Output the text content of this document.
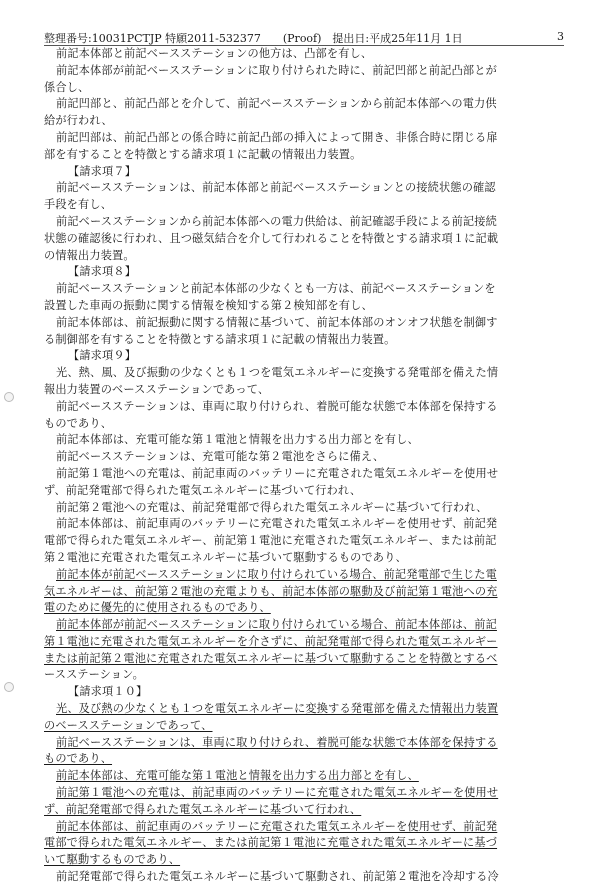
整理番号:10031PCTJP 特願2011-532377　　(Proof)　提出日:平成25年11月 1日	3
前記本体部と前記ベースステーションの他方は、凸部を有し、
前記本体部が前記ベースステーションに取り付けられた時に、前記凹部と前記凸部とが
係合し、
前記凹部と、前記凸部とを介して、前記ベースステーションから前記本体部への電力供
給が行われ、
前記凹部は、前記凸部との係合時に前記凸部の挿入によって開き、非係合時に閉じる扉
部を有することを特徴とする請求項１に記載の情報出力装置。
【請求項７】
前記ベースステーションは、前記本体部と前記ベースステーションとの接続状態の確認
手段を有し、
前記ベースステーションから前記本体部への電力供給は、前記確認手段による前記接続
状態の確認後に行われ、且つ磁気結合を介して行われることを特徴とする請求項１に記載
の情報出力装置。
【請求項８】
前記ベースステーションと前記本体部の少なくとも一方は、前記ベースステーションを
設置した車両の振動に関する情報を検知する第２検知部を有し、
前記本体部は、前記振動に関する情報に基づいて、前記本体部のオンオフ状態を制御す
る制御部を有することを特徴とする請求項１に記載の情報出力装置。
【請求項９】
光、熱、風、及び振動の少なくとも１つを電気エネルギーに変換する発電部を備えた情
報出力装置のベースステーションであって、
前記ベースステーションは、車両に取り付けられ、着脱可能な状態で本体部を保持する
ものであり、
前記本体部は、充電可能な第１電池と情報を出力する出力部とを有し、
前記ベースステーションは、充電可能な第２電池をさらに備え、
前記第１電池への充電は、前記車両のバッテリーに充電された電気エネルギーを使用せ
ず、前記発電部で得られた電気エネルギーに基づいて行われ、
前記第２電池への充電は、前記発電部で得られた電気エネルギーに基づいて行われ、
前記本体部は、前記車両のバッテリーに充電された電気エネルギーを使用せず、前記発
電部で得られた電気エネルギー、前記第１電池に充電された電気エネルギー、または前記
第２電池に充電された電気エネルギーに基づいて駆動するものであり、
前記本体が前記ベースステーションに取り付けられている場合、前記発電部で生じた電
気エネルギーは、前記第２電池の充電よりも、前記本体部の駆動及び前記第１電池への充
電のために優先的に使用されるものであり、
前記本体部が前記ベースステーションに取り付けられている場合、前記本体部は、前記
第１電池に充電された電気エネルギーを介さずに、前記発電部で得られた電気エネルギー
または前記第２電池に充電された電気エネルギーに基づいて駆動することを特徴とするベ
ースステーション。
【請求項１０】
光、及び熱の少なくとも１つを電気エネルギーに変換する発電部を備えた情報出力装置
のベースステーションであって、
前記ベースステーションは、車両に取り付けられ、着脱可能な状態で本体部を保持する
ものであり、
前記本体部は、充電可能な第１電池と情報を出力する出力部とを有し、
前記第１電池への充電は、前記車両のバッテリーに充電された電気エネルギーを使用せ
ず、前記発電部で得られた電気エネルギーに基づいて行われ、
前記本体部は、前記車両のバッテリーに充電された電気エネルギーを使用せず、前記発
電部で得られた電気エネルギー、または前記第１電池に充電された電気エネルギーに基づ
いて駆動するものであり、
前記発電部で得られた電気エネルギーに基づいて駆動され、前記第２電池を冷却する冷
